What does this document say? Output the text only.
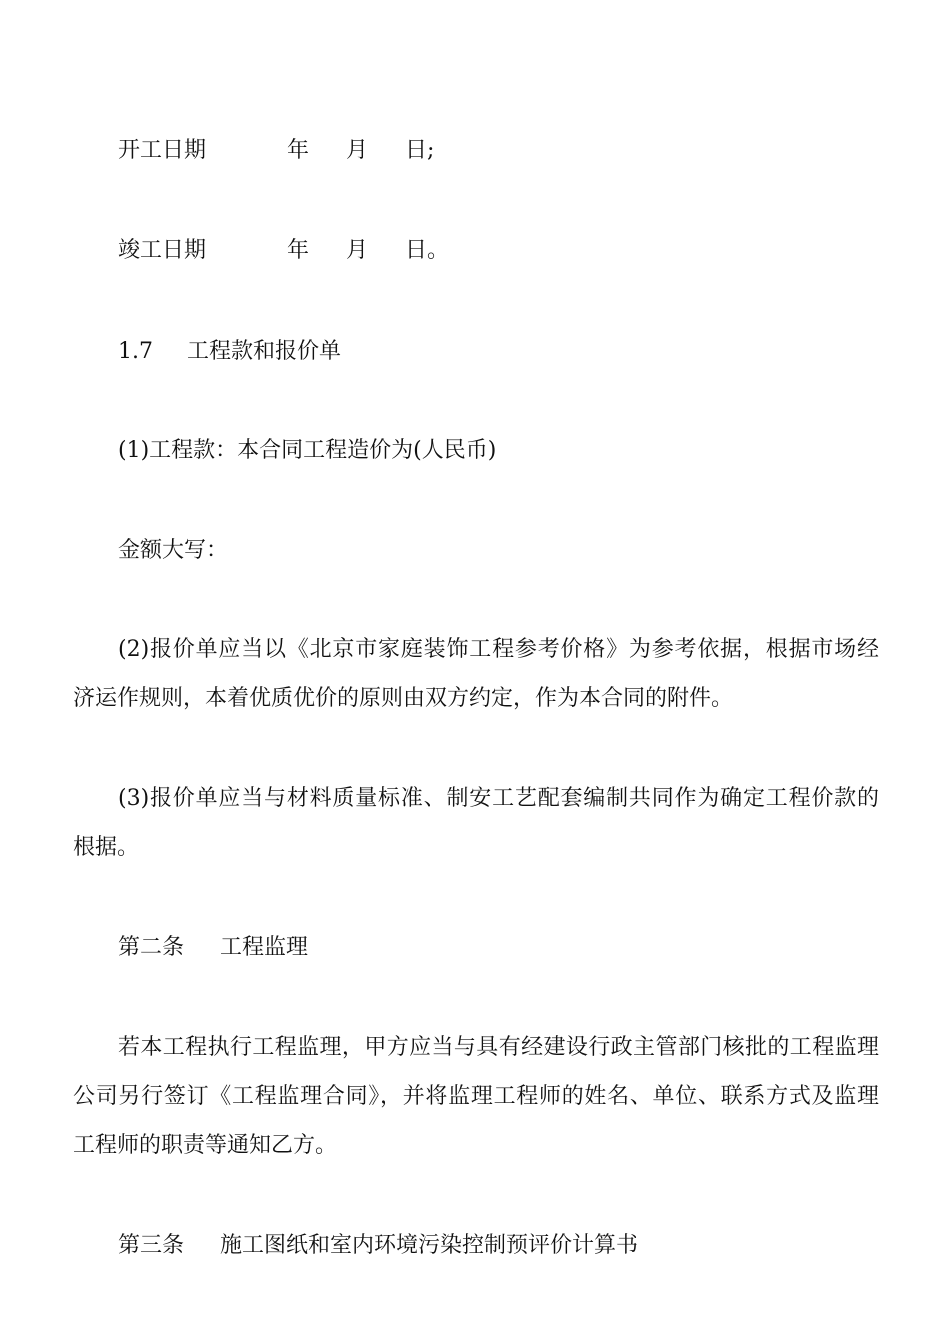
开工日期	年 月 日;
竣工日期	年 月 日。
1.7 工程款和报价单
(1)工程款：本合同工程造价为(人民币)
金额大写：
(2)报价单应当以《北京市家庭装饰工程参考价格》为参考依据，根据市场经
济运作规则，本着优质优价的原则由双方约定，作为本合同的附件。
(3)报价单应当与材料质量标准、制安工艺配套编制共同作为确定工程价款的
根据。
第二条 工程监理
若本工程执行工程监理，甲方应当与具有经建设行政主管部门核批的工程监理
公司另行签订《工程监理合同》，并将监理工程师的姓名、单位、联系方式及监理
工程师的职责等通知乙方。
第三条 施工图纸和室内环境污染控制预评价计算书
